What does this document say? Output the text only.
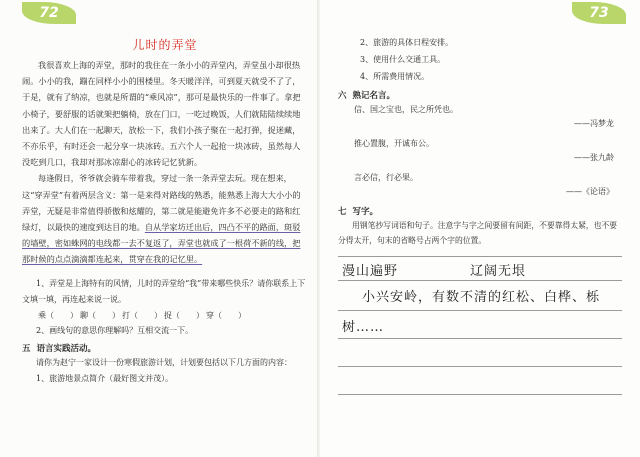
72
儿时的弄堂

我很喜欢上海的弄堂，那时的我住在一条小小的弄堂内，弄堂虽小却很热闹。小小的我，蹦在同样小小的围楼里。冬天暖洋洋，可到夏天就受不了了，于是，就有了纳凉，也就是所谓的“乘风凉”，那可是最快乐的一件事了。拿把小椅子，要舒服的话就架把躺椅，放在门口，一吃过晚饭，人们就陆陆续续地出来了。大人们在一起聊天，放松一下，我们小孩子聚在一起打弹，捉迷藏，不亦乐乎，有时还会一起分享一块冰砖。五六个人一起抢一块冰砖，虽然每人没吃到几口，我却对那冰凉甜心的冰砖记忆犹新。

每逢假日，爷爷就会骑车带着我，穿过一条一条弄堂去玩。现在想来，这“穿弄堂”有着两层含义：第一是来得对路线的熟悉，能熟悉上海大大小小的弄堂，无疑是非常值得骄傲和炫耀的，第二就是能避免许多不必要走的路和红绿灯，以最快的速度到达目的地。自从学家坊迁出后，四凸不平的路面，斑驳的墙壁，密如蛛网的电线都一去不复返了，弄堂也就成了一根荷不新的线，把那时候的点点滴滴都连起来，贯穿在我的记忆里。

1、弄堂是上海特有的风情，儿时的弄堂给“我”带来哪些快乐？请你联系上下文填一填，再连起来说一说。

乘（　　） 聊（　　） 打（　　） 捉（　　） 穿（　　）

2、画线句的意思你理解吗？互相交流一下。

五 语言实践活动。

请你为赵宁一家设计一份寒假旅游计划，计划要包括以下几方面的内容：

1、旅游地景点简介（最好图文并茂）。

73

2、旅游的具体日程安排。

3、使用什么交通工具。

4、所需费用情况。

六 熟记名言。

信、国之宝也，民之所凭也。

——冯梦龙

推心置腹，开诚布公。

——张九龄

言必信，行必果。

——《论语》

七 写字。

用钢笔抄写词语和句子。注意字与字之间要留有间距，不要靠得太紧，也不要分得太开，句末的省略号占两个字的位置。

漫山遍野	辽阔无垠
小兴安岭，有数不清的红松、白桦、栎
树……
